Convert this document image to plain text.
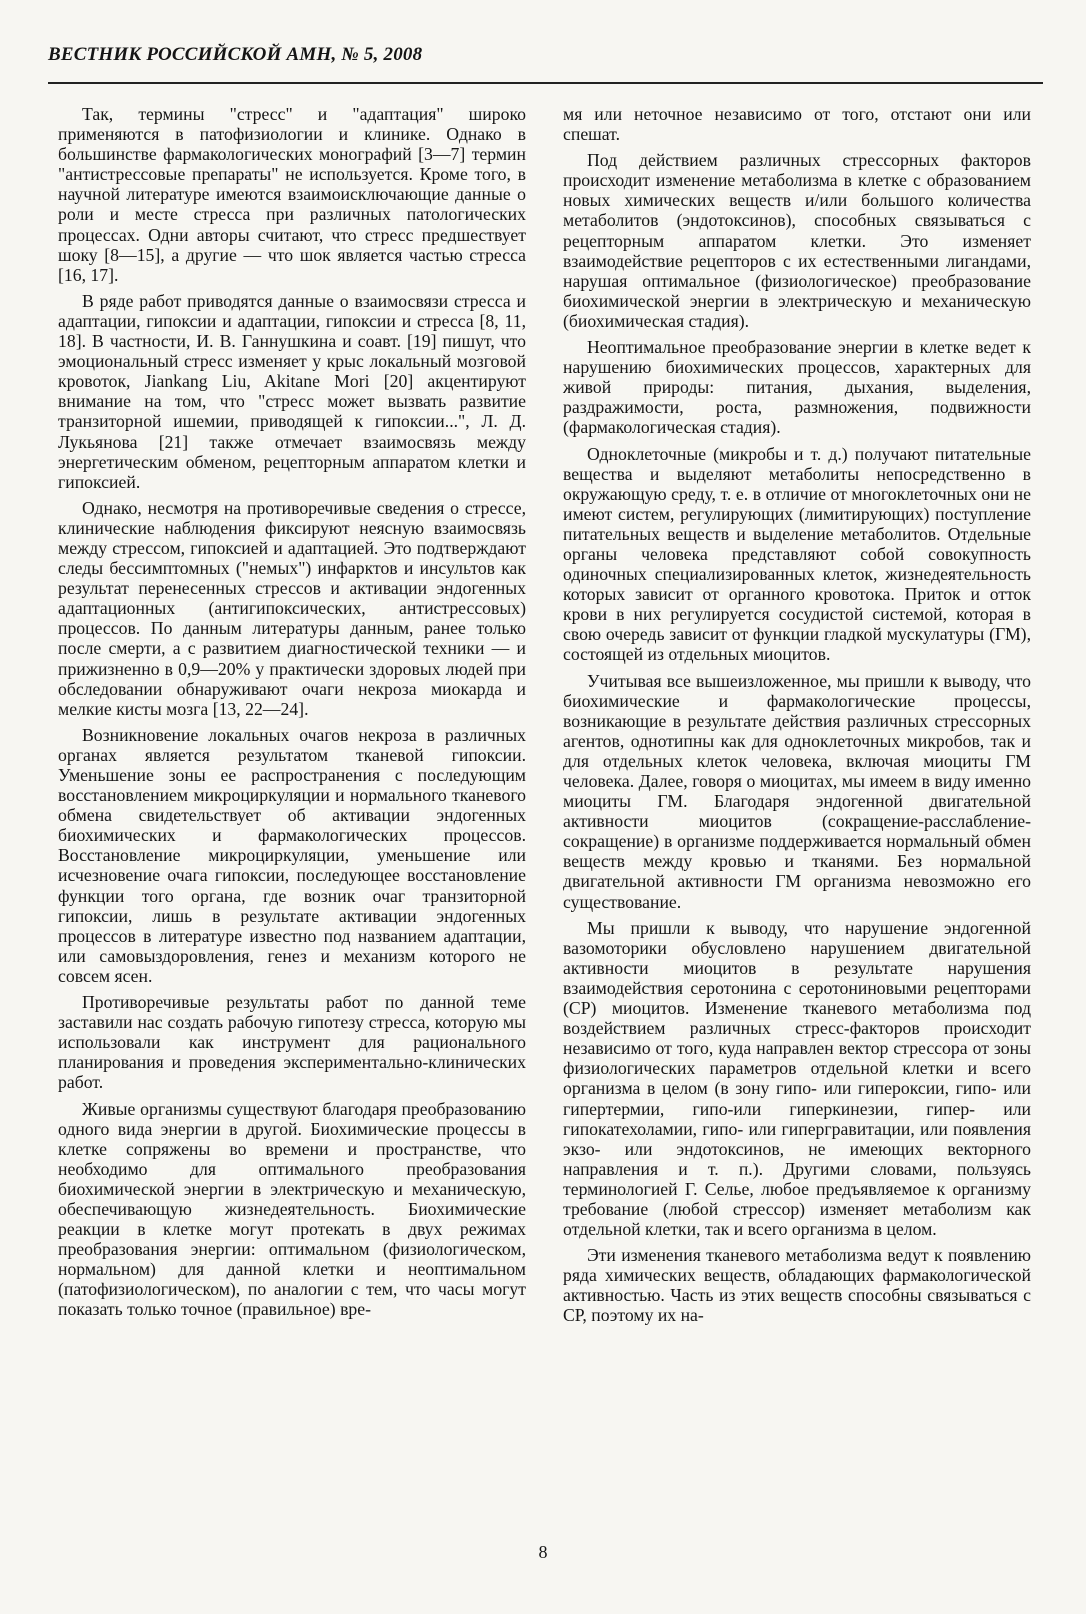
ВЕСТНИК РОССИЙСКОЙ АМН, № 5, 2008

Так, термины "стресс" и "адаптация" широко применяются в патофизиологии и клинике. Однако в большинстве фармакологических монографий [3—7] термин "антистрессовые препараты" не используется. Кроме того, в научной литературе имеются взаимоисключающие данные о роли и месте стресса при различных патологических процессах. Одни авторы считают, что стресс предшествует шоку [8—15], а другие — что шок является частью стресса [16, 17].

В ряде работ приводятся данные о взаимосвязи стресса и адаптации, гипоксии и адаптации, гипоксии и стресса [8, 11, 18]. В частности, И. В. Ганнушкина и соавт. [19] пишут, что эмоциональный стресс изменяет у крыс локальный мозговой кровоток, Jiankang Liu, Akitane Mori [20] акцентируют внимание на том, что "стресс может вызвать развитие транзиторной ишемии, приводящей к гипоксии...", Л. Д. Лукьянова [21] также отмечает взаимосвязь между энергетическим обменом, рецепторным аппаратом клетки и гипоксией.

Однако, несмотря на противоречивые сведения о стрессе, клинические наблюдения фиксируют неясную взаимосвязь между стрессом, гипоксией и адаптацией. Это подтверждают следы бессимптомных ("немых") инфарктов и инсультов как результат перенесенных стрессов и активации эндогенных адаптационных (антигипоксических, антистрессовых) процессов. По данным литературы данным, ранее только после смерти, а с развитием диагностической техники — и прижизненно в 0,9—20% у практически здоровых людей при обследовании обнаруживают очаги некроза миокарда и мелкие кисты мозга [13, 22—24].

Возникновение локальных очагов некроза в различных органах является результатом тканевой гипоксии. Уменьшение зоны ее распространения с последующим восстановлением микроциркуляции и нормального тканевого обмена свидетельствует об активации эндогенных биохимических и фармакологических процессов. Восстановление микроциркуляции, уменьшение или исчезновение очага гипоксии, последующее восстановление функции того органа, где возник очаг транзиторной гипоксии, лишь в результате активации эндогенных процессов в литературе известно под названием адаптации, или самовыздоровления, генез и механизм которого не совсем ясен.

Противоречивые результаты работ по данной теме заставили нас создать рабочую гипотезу стресса, которую мы использовали как инструмент для рационального планирования и проведения экспериментально-клинических работ.

Живые организмы существуют благодаря преобразованию одного вида энергии в другой. Биохимические процессы в клетке сопряжены во времени и пространстве, что необходимо для оптимального преобразования биохимической энергии в электрическую и механическую, обеспечивающую жизнедеятельность. Биохимические реакции в клетке могут протекать в двух режимах преобразования энергии: оптимальном (физиологическом, нормальном) для данной клетки и неоптимальном (патофизиологическом), по аналогии с тем, что часы могут показать только точное (правильное) вре-

мя или неточное независимо от того, отстают они или спешат.

Под действием различных стрессорных факторов происходит изменение метаболизма в клетке с образованием новых химических веществ и/или большого количества метаболитов (эндотоксинов), способных связываться с рецепторным аппаратом клетки. Это изменяет взаимодействие рецепторов с их естественными лигандами, нарушая оптимальное (физиологическое) преобразование биохимической энергии в электрическую и механическую (биохимическая стадия).

Неоптимальное преобразование энергии в клетке ведет к нарушению биохимических процессов, характерных для живой природы: питания, дыхания, выделения, раздражимости, роста, размножения, подвижности (фармакологическая стадия).

Одноклеточные (микробы и т. д.) получают питательные вещества и выделяют метаболиты непосредственно в окружающую среду, т. е. в отличие от многоклеточных они не имеют систем, регулирующих (лимитирующих) поступление питательных веществ и выделение метаболитов. Отдельные органы человека представляют собой совокупность одиночных специализированных клеток, жизнедеятельность которых зависит от органного кровотока. Приток и отток крови в них регулируется сосудистой системой, которая в свою очередь зависит от функции гладкой мускулатуры (ГМ), состоящей из отдельных миоцитов.

Учитывая все вышеизложенное, мы пришли к выводу, что биохимические и фармакологические процессы, возникающие в результате действия различных стрессорных агентов, однотипны как для одноклеточных микробов, так и для отдельных клеток человека, включая миоциты ГМ человека. Далее, говоря о миоцитах, мы имеем в виду именно миоциты ГМ. Благодаря эндогенной двигательной активности миоцитов (сокращение-расслабление-сокращение) в организме поддерживается нормальный обмен веществ между кровью и тканями. Без нормальной двигательной активности ГМ организма невозможно его существование.

Мы пришли к выводу, что нарушение эндогенной вазомоторики обусловлено нарушением двигательной активности миоцитов в результате нарушения взаимодействия серотонина с серотониновыми рецепторами (СР) миоцитов. Изменение тканевого метаболизма под воздействием различных стресс-факторов происходит независимо от того, куда направлен вектор стрессора от зоны физиологических параметров отдельной клетки и всего организма в целом (в зону гипо- или гипероксии, гипо- или гипертермии, гипо-или гиперкинезии, гипер- или гипокатехоламии, гипо- или гипергравитации, или появления экзо- или эндотоксинов, не имеющих векторного направления и т. п.). Другими словами, пользуясь терминологией Г. Селье, любое предъявляемое к организму требование (любой стрессор) изменяет метаболизм как отдельной клетки, так и всего организма в целом.

Эти изменения тканевого метаболизма ведут к появлению ряда химических веществ, обладающих фармакологической активностью. Часть из этих веществ способны связываться с СР, поэтому их на-

8
